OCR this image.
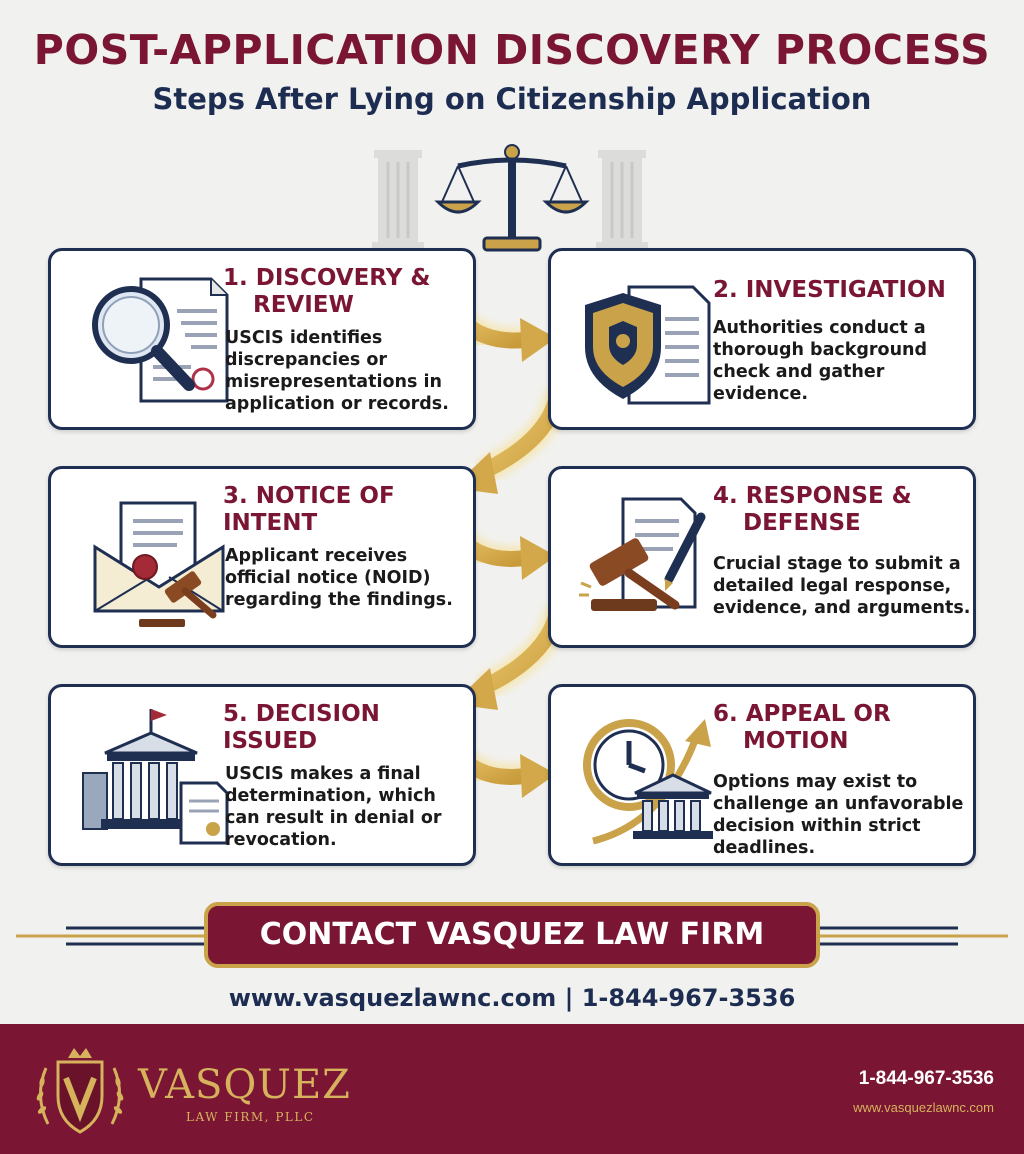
POST-APPLICATION DISCOVERY PROCESS
Steps After Lying on Citizenship Application
1. DISCOVERY &
REVIEW
USCIS identifies discrepancies or misrepresentations in application or records.
2. INVESTIGATION
Authorities conduct a thorough background check and gather evidence.
3. NOTICE OF
INTENT
Applicant receives official notice (NOID) regarding the findings.
4. RESPONSE &
DEFENSE
Crucial stage to submit a detailed legal response, evidence, and arguments.
5. DECISION
ISSUED
USCIS makes a final determination, which can result in denial or revocation.
6. APPEAL OR
MOTION
Options may exist to challenge an unfavorable decision within strict deadlines.
CONTACT VASQUEZ LAW FIRM
www.vasquezlawnc.com | 1-844-967-3536
VASQUEZ
LAW FIRM, PLLC
1-844-967-3536
www.vasquezlawnc.com
